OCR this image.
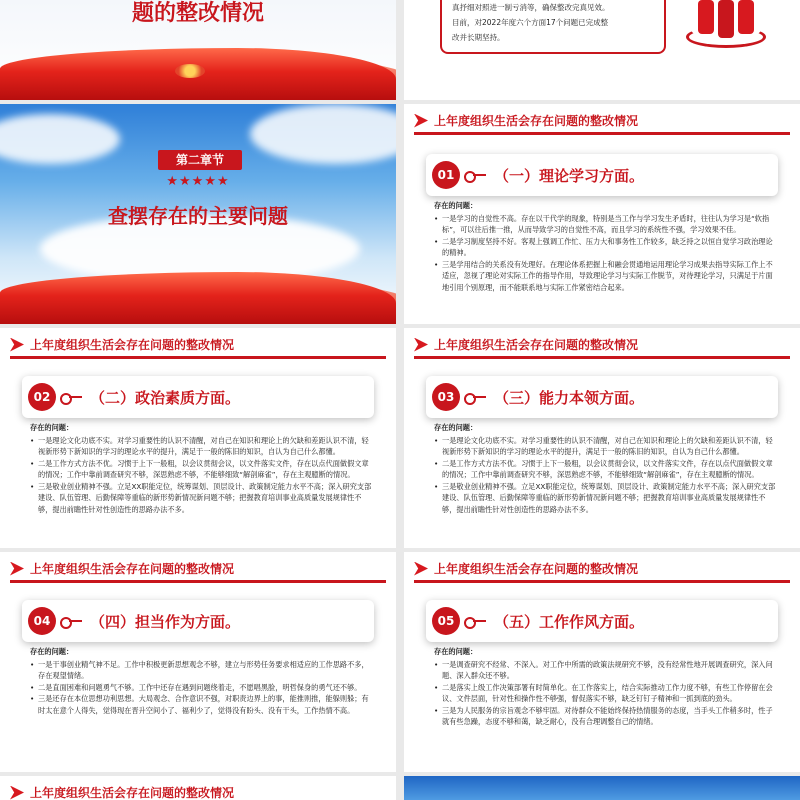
题的整改情况	真抒细对照进一制亏消等，确保整改完真见效。
目前，对2022年度六个方面17个问题已完成整
改并长期坚持。
第二章节
★★★★★
查摆存在的主要问题
上年度组织生活会存在问题的整改情况
01	（一）理论学习方面。
存在的问题：
• 一是学习的自觉性不高。存在以干代学的现象，特别是当工作与学习发生矛盾时，往往认为学习是“软指标”，可以往后推一推，从而导致学习的自觉性不高，而且学习的系统性不强，学习效果不佳。
• 二是学习制度坚持不好。客观上强调工作忙、压力大和事务性工作较多，缺乏持之以恒自觉学习政治理论的精神。
• 三是学用结合的关系没有处理好。在理论体系把握上和融会贯通地运用理论学习成果去指导实际工作上不适应，忽视了理论对实际工作的指导作用，导致理论学习与实际工作脱节，对待理论学习，只满足于片面地引用个别原理，而不能联系地与实际工作紧密结合起来。
上年度组织生活会存在问题的整改情况
02	（二）政治素质方面。
存在的问题：
• 一是理论文化功底不实。对学习重要性的认识不清醒，对自己在知识和理论上的欠缺和差距认识不清，轻视新形势下新知识的学习的理论水平的提升，满足于一般的陈旧的知识，自认为自己什么都懂。
• 二是工作方式方法不优。习惯于上下一般粗，以会议贯彻会议，以文件落实文件，存在以点代面做假文章的情况；工作中靠前调查研究不够，深思熟虑不够，不能够细致“解剖麻雀”，存在主观臆断的情况。
• 三是敬业创业精神不强。立足XX职能定位，统筹谋划、顶层设计、政策制定能力水平不高；深入研究支部建设、队伍管理、后勤保障等重临的新形势新情况新问题不够；把握教育培训事业高质量发展规律性不够，提出前瞻性针对性创造性的思路办法不多。
上年度组织生活会存在问题的整改情况
03	（三）能力本领方面。
存在的问题：
• 一是理论文化功底不实。对学习重要性的认识不清醒，对自己在知识和理论上的欠缺和差距认识不清，轻视新形势下新知识的学习的理论水平的提升，满足于一般的陈旧的知识，自认为自己什么都懂。
• 二是工作方式方法不优。习惯于上下一般粗，以会议贯彻会议，以文件落实文件，存在以点代面做假文章的情况；工作中靠前调查研究不够，深思熟虑不够，不能够细致“解剖麻雀”，存在主观臆断的情况。
• 三是敬业创业精神不强。立足XX职能定位，统筹谋划、顶层设计、政策制定能力水平不高；深入研究支部建设、队伍管理、后勤保障等重临的新形势新情况新问题不够；把握教育培训事业高质量发展规律性不够，提出前瞻性针对性创造性的思路办法不多。
上年度组织生活会存在问题的整改情况
04	（四）担当作为方面。
存在的问题：
• 一是干事创业精气神不足。工作中积极更新思想观念不够，建立与形势任务要求相适应的工作思路不多，存在观望情绪。
• 二是直面困难和问题勇气不够。工作中还存在遇到问题绕着走，不愿唱黑脸，明哲保身的勇气还不够。
• 三是还存在本位思想功利思想。大局观念、合作意识不强，对职责边界上的事，能推则推，能躲则躲；有时太在意个人得失，觉得现在晋升空间小了、福利少了，觉得没有盼头、没有干头，工作热情不高。
上年度组织生活会存在问题的整改情况
05	（五）工作作风方面。
存在的问题：
• 一是调查研究不经常、不深入。对工作中所需的政策法规研究不够，没有经常性地开展调查研究，深入问题、深入群众还不够。
• 二是落实上级工作决策部署有时简单化。在工作落实上，结合实际推动工作力度不够，有些工作停留在会议、文件层面，针对性和操作性不够强，督促落实不够，缺乏钉钉子精神和一抓到底的劲头。
• 三是为人民服务的宗旨观念不够牢固。对待群众不能始终保持热情服务的态度，当手头工作稍多时，性子就有些急躁，态度不够和蔼，缺乏耐心，没有合理调整自己的情绪。
上年度组织生活会存在问题的整改情况
